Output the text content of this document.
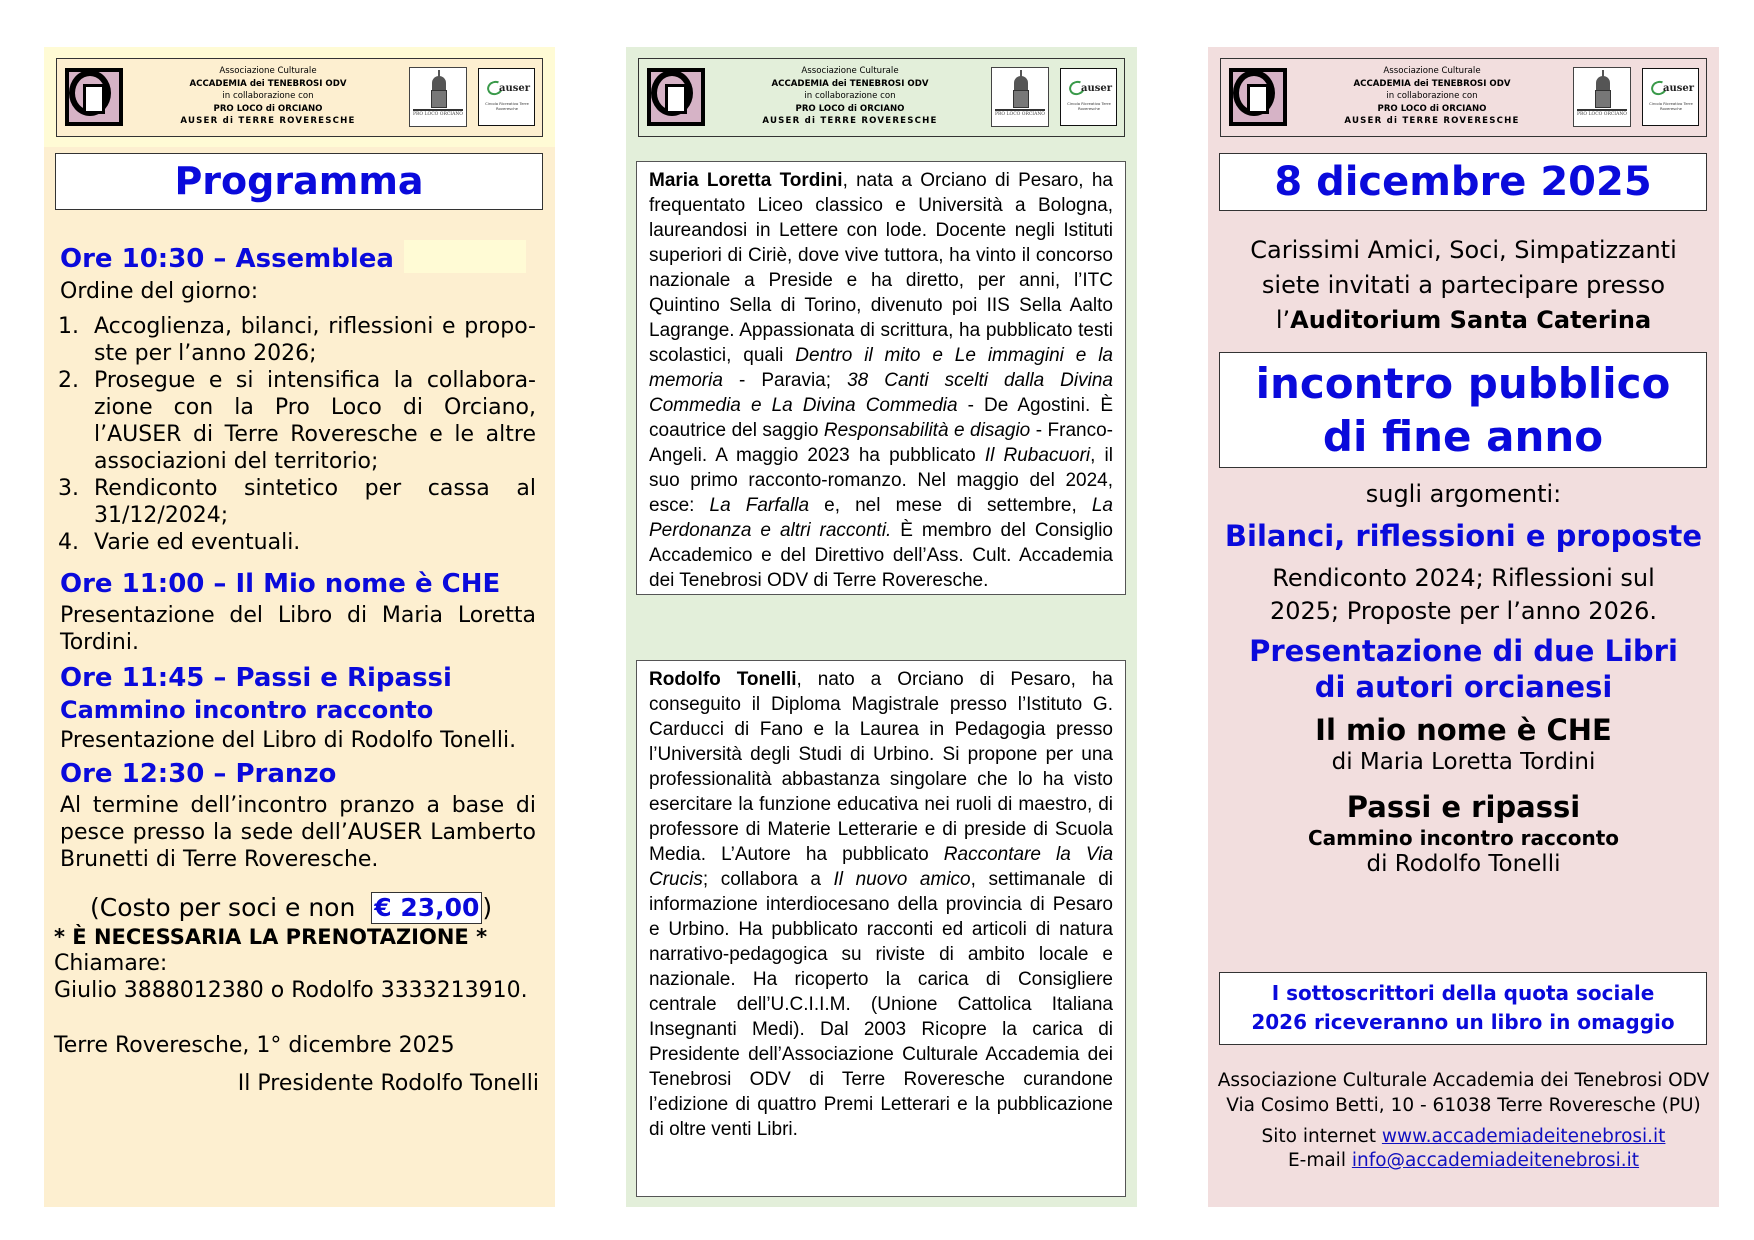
Associazione Culturale
ACCADEMIA dei TENEBROSI ODV
in collaborazione con
PRO LOCO di ORCIANO
AUSER di TERRE ROVERESCHE
PRO LOCO ORCIANO
auser
Circolo Ricreativo Terre Roveresche
Programma
Ore 10:30 – Assemblea
Ordine del giorno:
1. Accoglienza, bilanci, riflessioni e propo-ste per l’anno 2026;
2. Prosegue e si intensifica la collabora-zione con la Pro Loco di Orciano, l’AUSER di Terre Roveresche e le altre associazioni del territorio;
3. Rendiconto sintetico per cassa al 31/12/2024;
4. Varie ed eventuali.
Ore 11:00 – Il Mio nome è CHE
Presentazione del Libro di Maria Loretta Tordini.
Ore 11:45 – Passi e Ripassi
Cammino incontro racconto
Presentazione del Libro di Rodolfo Tonelli.
Ore 12:30 – Pranzo
Al termine dell’incontro pranzo a base di pesce presso la sede dell’AUSER Lamberto Brunetti di Terre Roveresche.
(Costo per soci e non € 23,00 )
* È NECESSARIA LA PRENOTAZIONE *
Chiamare:
Giulio 3888012380 o Rodolfo 3333213910.
Terre Roveresche, 1° dicembre 2025
Il Presidente Rodolfo Tonelli
Associazione Culturale
ACCADEMIA dei TENEBROSI ODV
in collaborazione con
PRO LOCO di ORCIANO
AUSER di TERRE ROVERESCHE
PRO LOCO ORCIANO
auser
Circolo Ricreativo Terre Roveresche
Maria Loretta Tordini, nata a Orciano di Pesaro, ha frequentato Liceo classico e Università a Bologna, laureandosi in Lettere con lode. Docente negli Istituti superiori di Ciriè, dove vive tuttora, ha vinto il concorso nazionale a Preside e ha diretto, per anni, l’ITC Quintino Sella di Torino, divenuto poi IIS Sella Aalto Lagrange. Appassionata di scrittura, ha pubblicato testi scolastici, quali Dentro il mito e Le immagini e la memoria - Paravia; 38 Canti scelti dalla Divina Commedia e La Divina Commedia - De Agostini. È coautrice del saggio Responsabilità e disagio - Franco-Angeli. A maggio 2023 ha pubblicato Il Rubacuori, il suo primo racconto-romanzo. Nel maggio del 2024, esce: La Farfalla e, nel mese di settembre, La Perdonanza e altri racconti. È membro del Consiglio Accademico e del Direttivo dell’Ass. Cult. Accademia dei Tenebrosi ODV di Terre Roveresche.
Rodolfo Tonelli, nato a Orciano di Pesaro, ha conseguito il Diploma Magistrale presso l’Istituto G. Carducci di Fano e la Laurea in Pedagogia presso l’Università degli Studi di Urbino. Si propone per una professionalità abbastanza singolare che lo ha visto esercitare la funzione educativa nei ruoli di maestro, di professore di Materie Letterarie e di preside di Scuola Media. L’Autore ha pubblicato Raccontare la Via Crucis; collabora a Il nuovo amico, settimanale di informazione interdiocesano della provincia di Pesaro e Urbino. Ha pubblicato racconti ed articoli di natura narrativo-pedagogica su riviste di ambito locale e nazionale. Ha ricoperto la carica di Consigliere centrale dell’U.C.I.I.M. (Unione Cattolica Italiana Insegnanti Medi). Dal 2003 Ricopre la carica di Presidente dell’Associazione Culturale Accademia dei Tenebrosi ODV di Terre Roveresche curandone l’edizione di quattro Premi Letterari e la pubblicazione di oltre venti Libri.
Associazione Culturale
ACCADEMIA dei TENEBROSI ODV
in collaborazione con
PRO LOCO di ORCIANO
AUSER di TERRE ROVERESCHE
PRO LOCO ORCIANO
auser
Circolo Ricreativo Terre Roveresche
8 dicembre 2025
Carissimi Amici, Soci, Simpatizzanti
siete invitati a partecipare presso
l’Auditorium Santa Caterina
incontro pubblico
di fine anno
sugli argomenti:
Bilanci, riflessioni e proposte
Rendiconto 2024; Riflessioni sul
2025; Proposte per l’anno 2026.
Presentazione di due Libri
di autori orcianesi
Il mio nome è CHE
di Maria Loretta Tordini
Passi e ripassi
Cammino incontro racconto
di Rodolfo Tonelli
I sottoscrittori della quota sociale
2026 riceveranno un libro in omaggio
Associazione Culturale Accademia dei Tenebrosi ODV
Via Cosimo Betti, 10 - 61038 Terre Roveresche (PU)
Sito internet www.accademiadeitenebrosi.it
E-mail info@accademiadeitenebrosi.it
